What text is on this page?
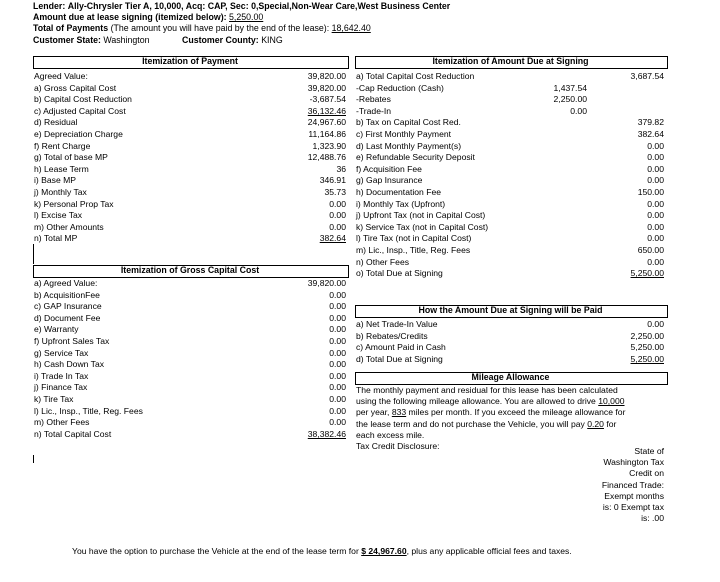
Lender: Ally-Chrysler Tier A, 10,000, Acq: CAP, Sec: 0,Special,Non-Wear Care,West Business Center
Amount due at lease signing (itemized below): 5,250.00
Total of Payments (The amount you will have paid by the end of the lease): 18,642.40
Customer State: Washington	Customer County: KING
Itemization of Payment	Itemization of Amount Due at Signing
Itemization of Gross Capital Cost
How the Amount Due at Signing will be Paid
Mileage Allowance
Agreed Value:	39,820.00
a) Gross Capital Cost	39,820.00
b) Capital Cost Reduction	-3,687.54
c) Adjusted Capital Cost	36,132.46
d) Residual	24,967.60
e) Depreciation Charge	11,164.86
f) Rent Charge	1,323.90
g) Total of base MP	12,488.76
h) Lease Term	36
i) Base MP	346.91
j) Monthly Tax	35.73
k) Personal Prop Tax	0.00
l) Excise Tax	0.00
m) Other Amounts	0.00
n) Total MP	382.64
a) Agreed Value:	39,820.00
b) AcquisitionFee	0.00
c) GAP Insurance	0.00
d) Document Fee	0.00
e) Warranty	0.00
f) Upfront Sales Tax	0.00
g) Service Tax	0.00
h) Cash Down Tax	0.00
i) Trade In Tax	0.00
j) Finance Tax	0.00
k) Tire Tax	0.00
l) Lic., Insp., Title, Reg. Fees	0.00
m) Other Fees	0.00
n) Total Capital Cost	38,382.46
a) Total Capital Cost Reduction	3,687.54
-Cap Reduction (Cash)	1,437.54
-Rebates	2,250.00
-Trade-In	0.00
b) Tax on Capital Cost Red.	379.82
c) First Monthly Payment	382.64
d) Last Monthly Payment(s)	0.00
e) Refundable Security Deposit	0.00
f) Acquisition Fee	0.00
g) Gap Insurance	0.00
h) Documentation Fee	150.00
i) Monthly Tax (Upfront)	0.00
j) Upfront Tax (not in Capital Cost)	0.00
k) Service Tax (not in Capital Cost)	0.00
l) Tire Tax (not in Capital Cost)	0.00
m) Lic., Insp., Title, Reg. Fees	650.00
n) Other Fees	0.00
o) Total Due at Signing	5,250.00
a) Net Trade-In Value	0.00
b) Rebates/Credits	2,250.00
c) Amount Paid in Cash	5,250.00
d) Total Due at Signing	5,250.00
The monthly payment and residual for this lease has been calculated
using the following mileage allowance. You are allowed to drive 10,000
per year, 833 miles per month. If you exceed the mileage allowance for
the lease term and do not purchase the Vehicle, you will pay 0.20 for
each excess mile.
Tax Credit Disclosure:	State of
Washington Tax
Credit on
Financed Trade:
Exempt months
is: 0 Exempt tax
is: .00
You have the option to purchase the Vehicle at the end of the lease term for $ 24,967.60, plus any applicable official fees and taxes.
